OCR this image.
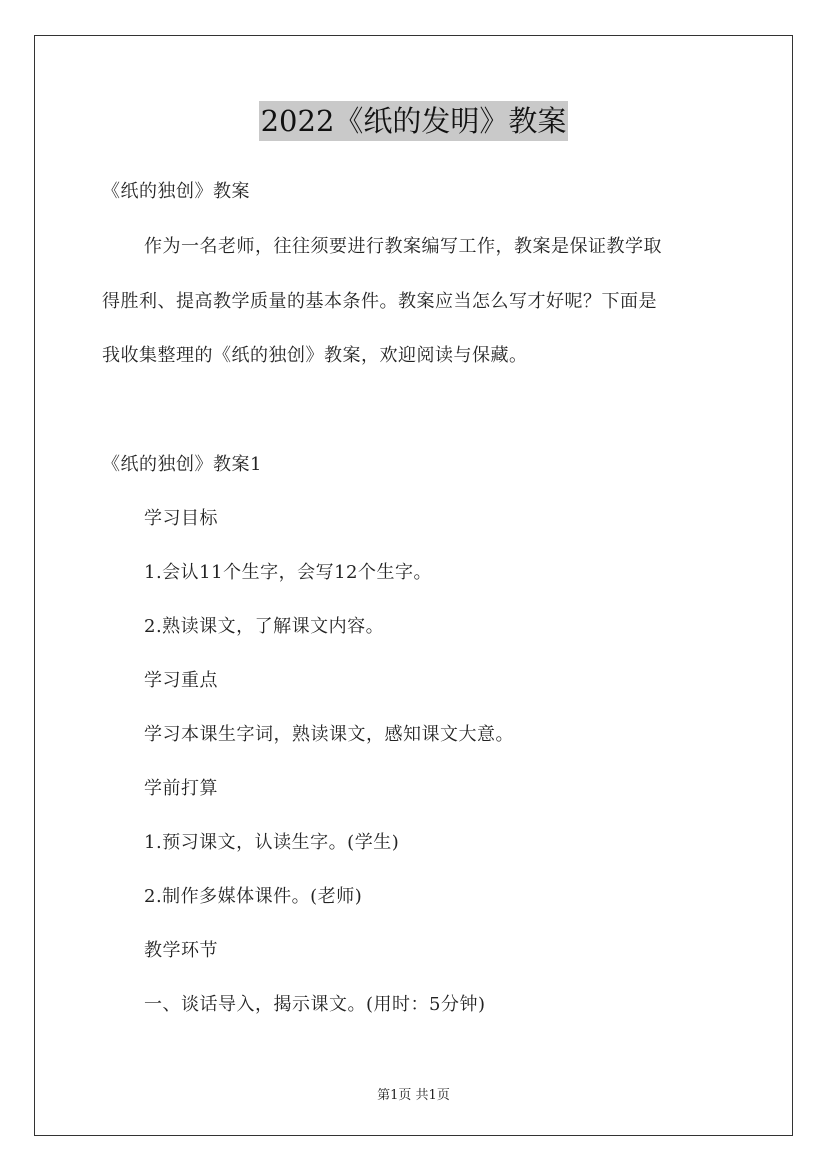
2022《纸的发明》教案
《纸的独创》教案
作为一名老师，往往须要进行教案编写工作，教案是保证教学取
得胜利、提高教学质量的基本条件。教案应当怎么写才好呢？下面是
我收集整理的《纸的独创》教案，欢迎阅读与保藏。
《纸的独创》教案1
学习目标
1.会认11个生字，会写12个生字。
2.熟读课文，了解课文内容。
学习重点
学习本课生字词，熟读课文，感知课文大意。
学前打算
1.预习课文，认读生字。(学生)
2.制作多媒体课件。(老师)
教学环节
一、谈话导入，揭示课文。(用时：5分钟)
第1页 共1页
